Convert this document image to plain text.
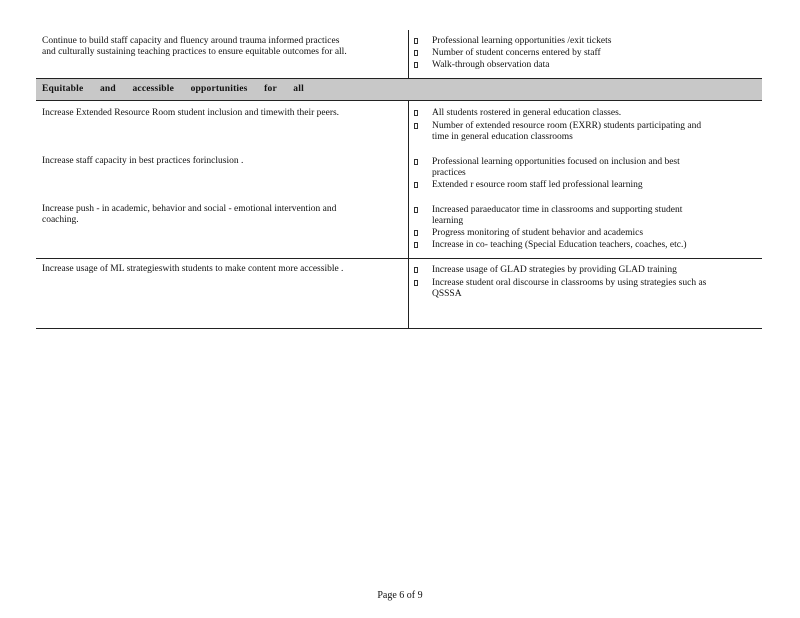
Continue to build staff capacity and fluency around trauma informed practices
and culturally sustaining teaching practices to ensure equitable outcomes for all.
Professional learning opportunities /exit tickets
Number of student concerns entered by staff
Walk-through observation data
Equitable and accessible opportunities for all
Increase Extended Resource Room student inclusion and timewith their peers.
Increase staff capacity in best practices forinclusion .
Increase push - in academic, behavior and social - emotional intervention and
coaching.
All students rostered in general education classes.
Number of extended resource room (EXRR) students participating and
time in general education classrooms
Professional learning opportunities focused on inclusion and best
practices
Extended r esource room staff led professional learning
Increased paraeducator time in classrooms and supporting student
learning
Progress monitoring of student behavior and academics
Increase in co- teaching (Special Education teachers, coaches, etc.)
Increase usage of ML strategieswith students to make content more accessible .	Increase usage of GLAD strategies by providing GLAD training
Increase student oral discourse in classrooms by using strategies such as
QSSSA
Page 6 of 9
